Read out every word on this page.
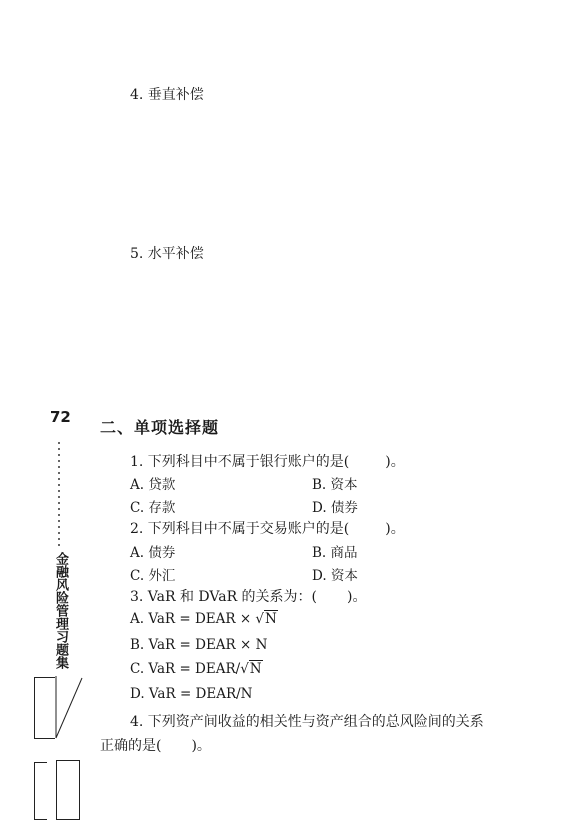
4. 垂直补偿
5. 水平补偿
72
金融风险管理习题集
二、单项选择题
1. 下列科目中不属于银行账户的是(	)。
A. 贷款	B. 资本
C. 存款	D. 债券
2. 下列科目中不属于交易账户的是(	)。
A. 债券	B. 商品
C. 外汇	D. 资本
3. VaR 和 DVaR 的关系为：( )。
A. VaR = DEAR × √N
B. VaR = DEAR × N
C. VaR = DEAR/√N
D. VaR = DEAR/N
4. 下列资产间收益的相关性与资产组合的总风险间的关系
正确的是( )。
